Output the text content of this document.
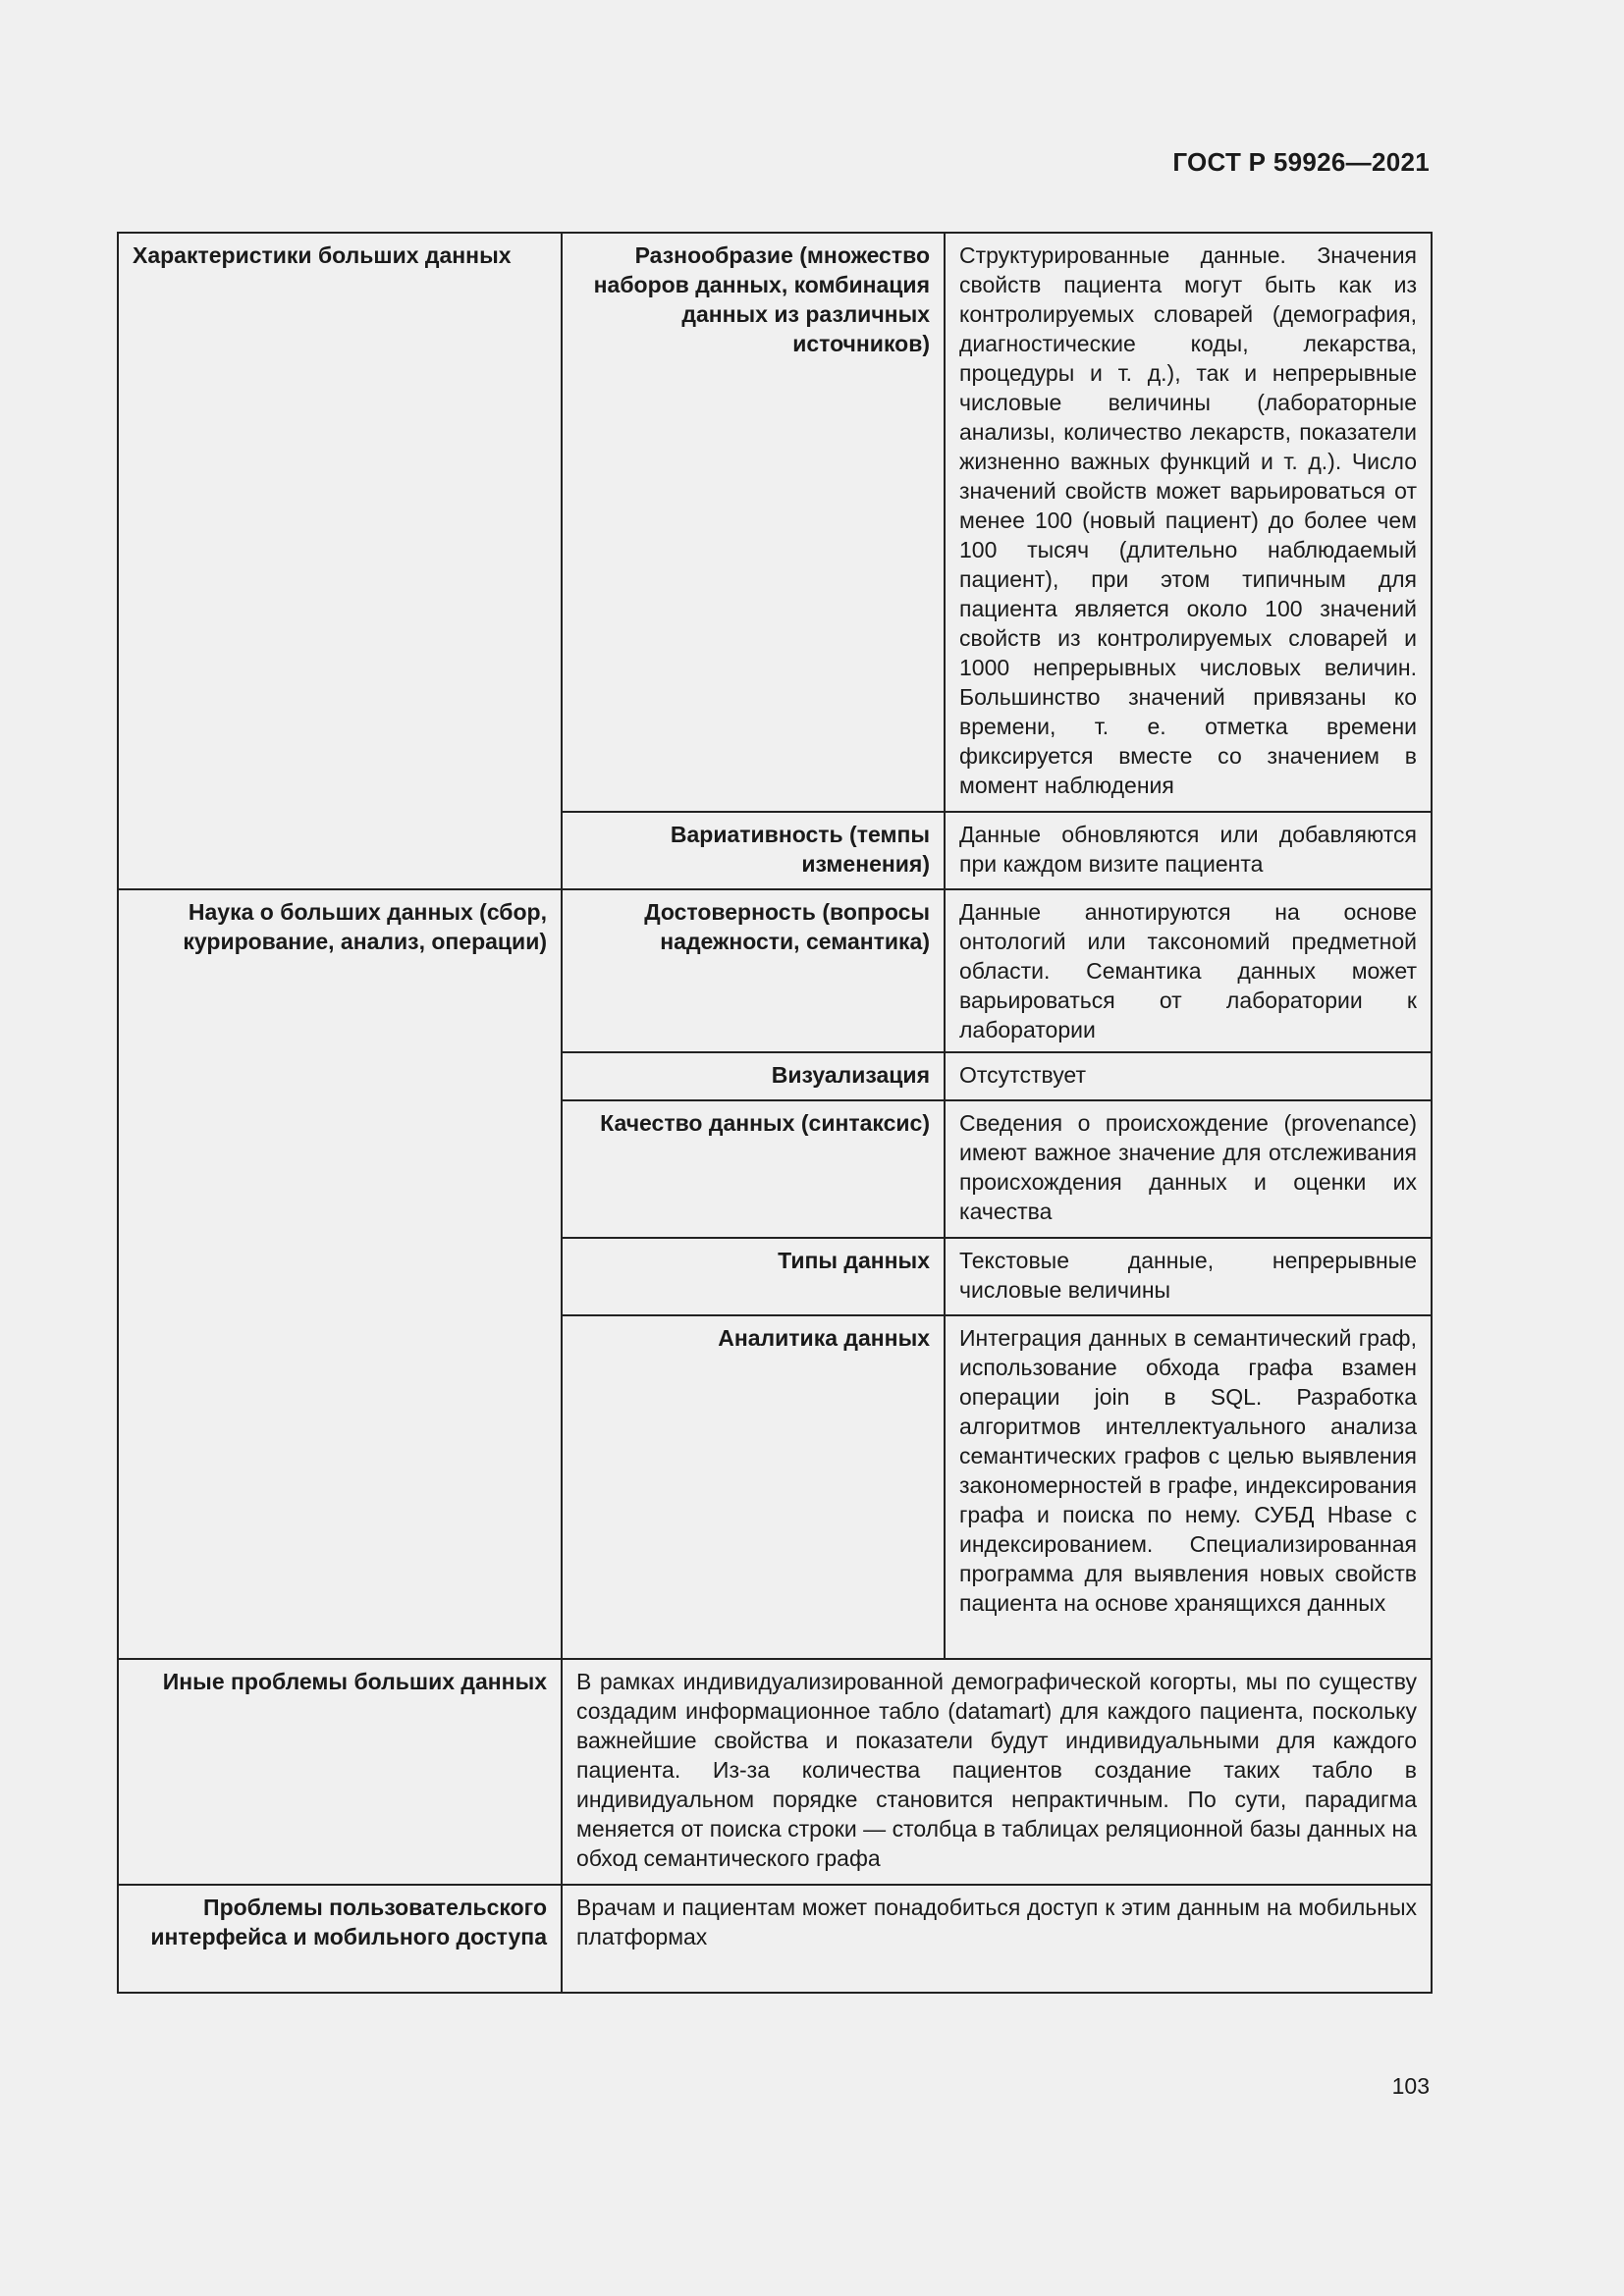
ГОСТ Р 59926—2021
Характеристики больших данных	Разнообразие (множество наборов данных, комбинация данных из различных источников)	Структурированные данные. Значения свойств пациента могут быть как из контролируемых словарей (демография, диагностические коды, лекарства, процедуры и т. д.), так и непрерывные числовые величины (лабораторные анализы, количество лекарств, показатели жизненно важных функций и т. д.). Число значений свойств может варьироваться от менее 100 (новый пациент) до более чем 100 тысяч (длительно наблюдаемый пациент), при этом типичным для пациента является около 100 значений свойств из контролируемых словарей и 1000 непрерывных числовых величин. Большинство значений привязаны ко времени, т. е. отметка времени фиксируется вместе со значением в момент наблюдения
	Вариативность (темпы изменения)	Данные обновляются или добавляются при каждом визите пациента
Наука о больших данных (сбор, курирование, анализ, операции)	Достоверность (вопросы надежности, семантика)	Данные аннотируются на основе онтологий или таксономий предметной области. Семантика данных может варьироваться от лаборатории к лаборатории
	Визуализация	Отсутствует
	Качество данных (синтаксис)	Сведения о происхождение (provenance) имеют важное значение для отслеживания происхождения данных и оценки их качества
	Типы данных	Текстовые данные, непрерывные числовые величины
	Аналитика данных	Интеграция данных в семантический граф, использование обхода графа взамен операции join в SQL. Разработка алгоритмов интеллектуального анализа семантических графов с целью выявления закономерностей в графе, индексирования графа и поиска по нему. СУБД Hbase с индексированием. Специализированная программа для выявления новых свойств пациента на основе хранящихся данных
Иные проблемы больших данных	В рамках индивидуализированной демографической когорты, мы по существу создадим информационное табло (datamart) для каждого пациента, поскольку важнейшие свойства и показатели будут индивидуальными для каждого пациента. Из-за количества пациентов создание таких табло в индивидуальном порядке становится непрактичным. По сути, парадигма меняется от поиска строки — столбца в таблицах реляционной базы данных на обход семантического графа	
Проблемы пользовательского интерфейса и мобильного доступа	Врачам и пациентам может понадобиться доступ к этим данным на мобильных платформах	
103
